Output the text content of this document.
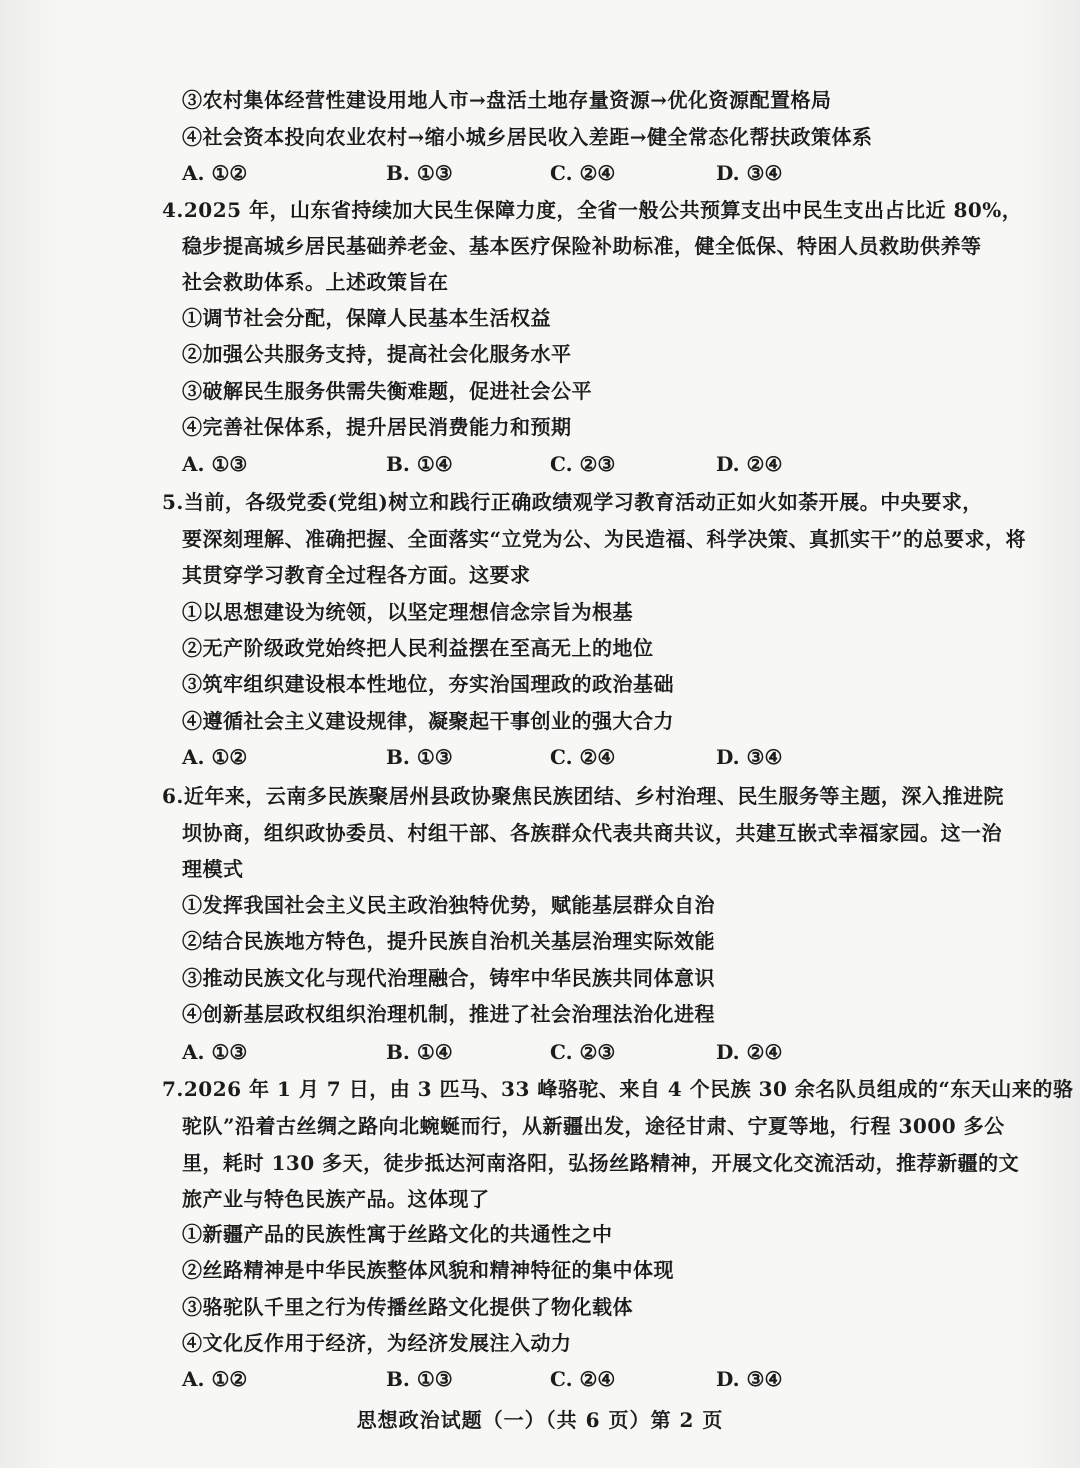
③农村集体经营性建设用地人市→盘活土地存量资源→优化资源配置格局
④社会资本投向农业农村→缩小城乡居民收入差距→健全常态化帮扶政策体系
A. ①②	B. ①③	C. ②④	D. ③④
4.2025 年，山东省持续加大民生保障力度，全省一般公共预算支出中民生支出占比近 80%，
稳步提高城乡居民基础养老金、基本医疗保险补助标准，健全低保、特困人员救助供养等
社会救助体系。上述政策旨在
①调节社会分配，保障人民基本生活权益
②加强公共服务支持，提高社会化服务水平
③破解民生服务供需失衡难题，促进社会公平
④完善社保体系，提升居民消费能力和预期
A. ①③	B. ①④	C. ②③	D. ②④
5.当前，各级党委(党组)树立和践行正确政绩观学习教育活动正如火如荼开展。中央要求，
要深刻理解、准确把握、全面落实“立党为公、为民造福、科学决策、真抓实干”的总要求，将
其贯穿学习教育全过程各方面。这要求
①以思想建设为统领，以坚定理想信念宗旨为根基
②无产阶级政党始终把人民利益摆在至高无上的地位
③筑牢组织建设根本性地位，夯实治国理政的政治基础
④遵循社会主义建设规律，凝聚起干事创业的强大合力
A. ①②	B. ①③	C. ②④	D. ③④
6.近年来，云南多民族聚居州县政协聚焦民族团结、乡村治理、民生服务等主题，深入推进院
坝协商，组织政协委员、村组干部、各族群众代表共商共议，共建互嵌式幸福家园。这一治
理模式
①发挥我国社会主义民主政治独特优势，赋能基层群众自治
②结合民族地方特色，提升民族自治机关基层治理实际效能
③推动民族文化与现代治理融合，铸牢中华民族共同体意识
④创新基层政权组织治理机制，推进了社会治理法治化进程
A. ①③	B. ①④	C. ②③	D. ②④
7.2026 年 1 月 7 日，由 3 匹马、33 峰骆驼、来自 4 个民族 30 余名队员组成的“东天山来的骆
驼队”沿着古丝绸之路向北蜿蜒而行，从新疆出发，途径甘肃、宁夏等地，行程 3000 多公
里，耗时 130 多天，徒步抵达河南洛阳，弘扬丝路精神，开展文化交流活动，推荐新疆的文
旅产业与特色民族产品。这体现了
①新疆产品的民族性寓于丝路文化的共通性之中
②丝路精神是中华民族整体风貌和精神特征的集中体现
③骆驼队千里之行为传播丝路文化提供了物化载体
④文化反作用于经济，为经济发展注入动力
A. ①②	B. ①③	C. ②④	D. ③④
思想政治试题（一）（共 6 页）第 2 页
